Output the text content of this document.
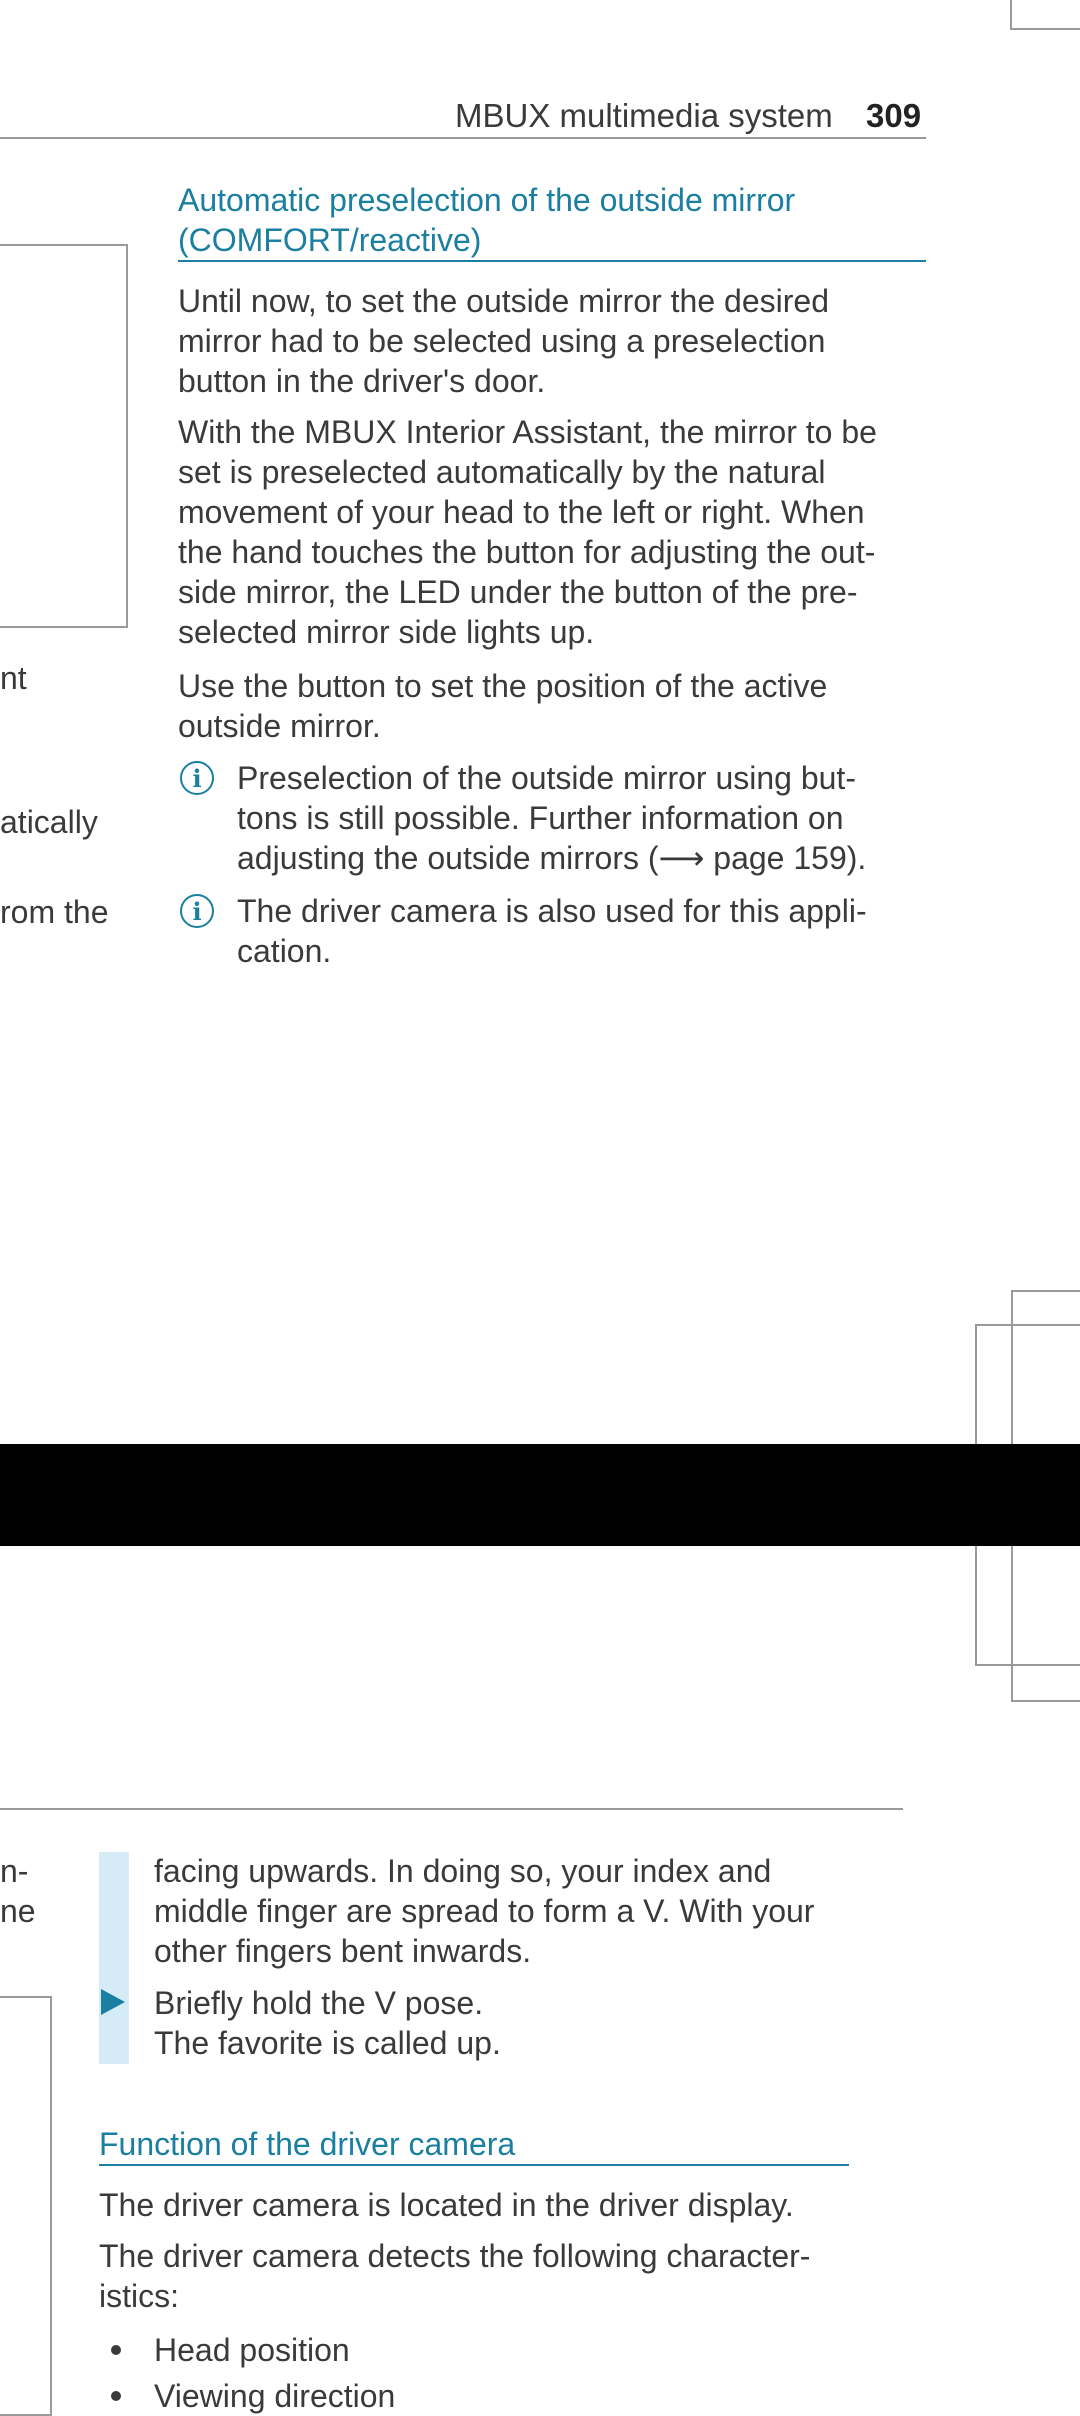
MBUX multimedia system 309
nt
atically
rom the
Automatic preselection of the outside mirror
(COMFORT/reactive)
Until now, to set the outside mirror the desired
mirror had to be selected using a preselection
button in the driver's door.
With the MBUX Interior Assistant, the mirror to be
set is preselected automatically by the natural
movement of your head to the left or right. When
the hand touches the button for adjusting the out-
side mirror, the LED under the button of the pre-
selected mirror side lights up.
Use the button to set the position of the active
outside mirror.
i	Preselection of the outside mirror using but-
tons is still possible. Further information on
adjusting the outside mirrors (⟶ page 159).
i	The driver camera is also used for this appli-
cation.
n-
ne
facing upwards. In doing so, your index and
middle finger are spread to form a V. With your
other fingers bent inwards.
Briefly hold the V pose.
The favorite is called up.
Function of the driver camera
The driver camera is located in the driver display.
The driver camera detects the following character-
istics:
Head position
Viewing direction
